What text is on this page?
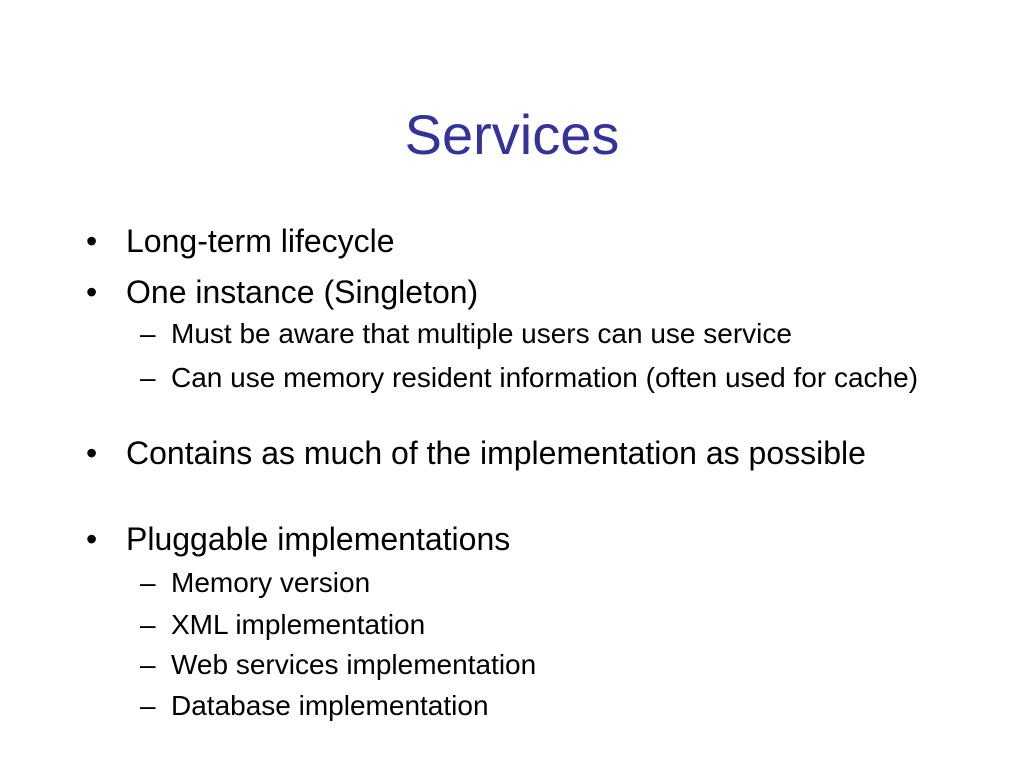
Services
• Long-term lifecycle
• One instance (Singleton)
– Must be aware that multiple users can use service
– Can use memory resident information (often used for cache)
• Contains as much of the implementation as possible
• Pluggable implementations
– Memory version
– XML implementation
– Web services implementation
– Database implementation
